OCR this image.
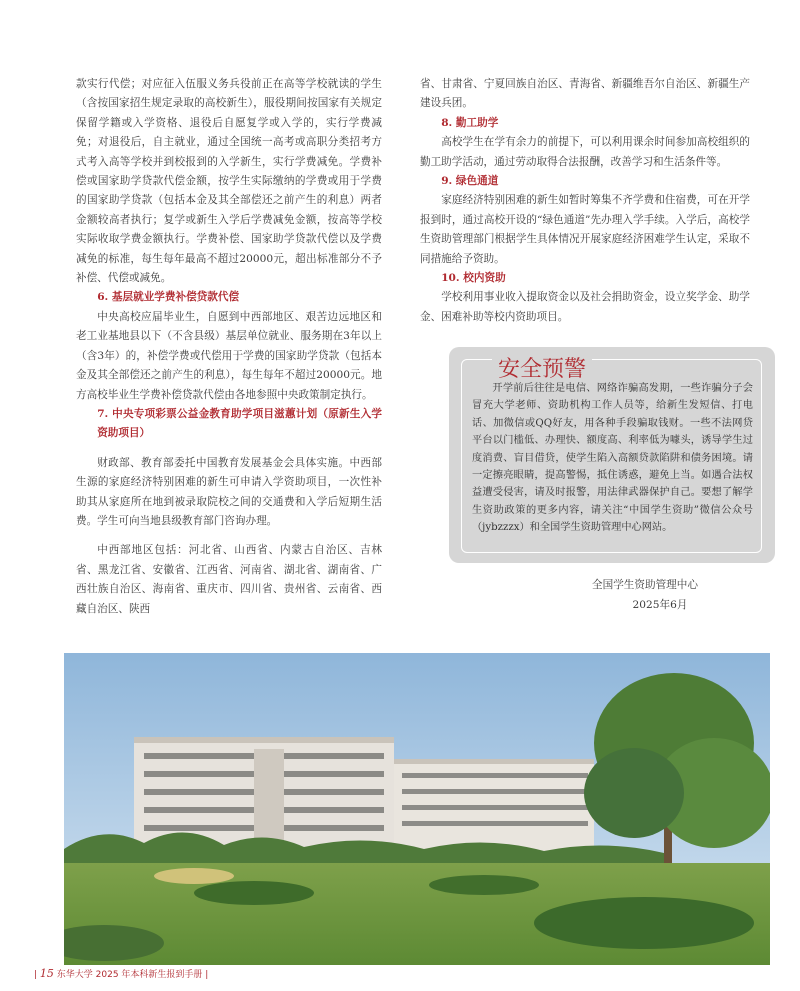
款实行代偿；对应征入伍服义务兵役前正在高等学校就读的学生（含按国家招生规定录取的高校新生），服役期间按国家有关规定保留学籍或入学资格、退役后自愿复学或入学的，实行学费减免；对退役后，自主就业，通过全国统一高考或高职分类招考方式考入高等学校并到校报到的入学新生，实行学费减免。学费补偿或国家助学贷款代偿金额，按学生实际缴纳的学费或用于学费的国家助学贷款（包括本金及其全部偿还之前产生的利息）两者金额较高者执行；复学或新生入学后学费减免金额，按高等学校实际收取学费金额执行。学费补偿、国家助学贷款代偿以及学费减免的标准，每生每年最高不超过20000元，超出标准部分不予补偿、代偿或减免。

6. 基层就业学费补偿贷款代偿

中央高校应届毕业生，自愿到中西部地区、艰苦边远地区和老工业基地县以下（不含县级）基层单位就业、服务期在3年以上（含3年）的，补偿学费或代偿用于学费的国家助学贷款（包括本金及其全部偿还之前产生的利息），每生每年不超过20000元。地方高校毕业生学费补偿贷款代偿由各地参照中央政策制定执行。

7. 中央专项彩票公益金教育助学项目滋蕙计划（原新生入学资助项目）

财政部、教育部委托中国教育发展基金会具体实施。中西部生源的家庭经济特别困难的新生可申请入学资助项目，一次性补助其从家庭所在地到被录取院校之间的交通费和入学后短期生活费。学生可向当地县级教育部门咨询办理。

中西部地区包括：河北省、山西省、内蒙古自治区、吉林省、黑龙江省、安徽省、江西省、河南省、湖北省、湖南省、广西壮族自治区、海南省、重庆市、四川省、贵州省、云南省、西藏自治区、陕西

省、甘肃省、宁夏回族自治区、青海省、新疆维吾尔自治区、新疆生产建设兵团。

8. 勤工助学

高校学生在学有余力的前提下，可以利用课余时间参加高校组织的勤工助学活动，通过劳动取得合法报酬，改善学习和生活条件等。

9. 绿色通道

家庭经济特别困难的新生如暂时筹集不齐学费和住宿费，可在开学报到时，通过高校开设的“绿色通道”先办理入学手续。入学后，高校学生资助管理部门根据学生具体情况开展家庭经济困难学生认定，采取不同措施给予资助。

10. 校内资助

学校利用事业收入提取资金以及社会捐助资金，设立奖学金、助学金、困难补助等校内资助项目。

安全预警
开学前后往往是电信、网络诈骗高发期，一些诈骗分子会冒充大学老师、资助机构工作人员等，给新生发短信、打电话、加微信或QQ好友，用各种手段骗取钱财。一些不法网贷平台以门槛低、办理快、额度高、利率低为噱头，诱导学生过度消费、盲目借贷，使学生陷入高额贷款陷阱和债务困境。请一定擦亮眼睛，提高警惕，抵住诱惑，避免上当。如遇合法权益遭受侵害，请及时报警，用法律武器保护自己。要想了解学生资助政策的更多内容，请关注“中国学生资助”微信公众号（jybzzzx）和全国学生资助管理中心网站。
全国学生资助管理中心
2025年6月
| 15 东华大学 2025 年本科新生报到手册 |
